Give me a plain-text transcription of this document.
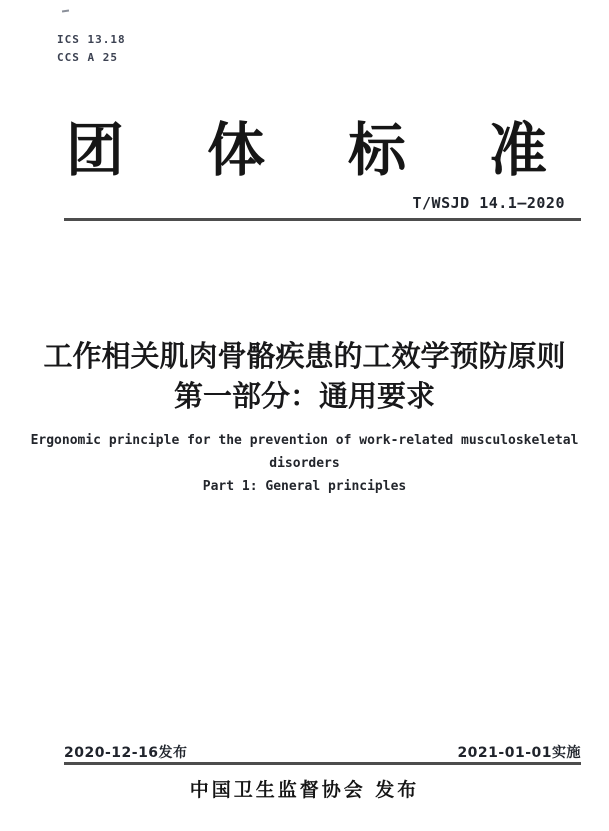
ICS 13.18
CCS A 25
团 体 标 准
T/WSJD 14.1—2020
工作相关肌肉骨骼疾患的工效学预防原则
第一部分：通用要求
Ergonomic principle for the prevention of work-related musculoskeletal
disorders
Part 1: General principles
2020-12-16发布	2021-01-01实施
中国卫生监督协会 发布
